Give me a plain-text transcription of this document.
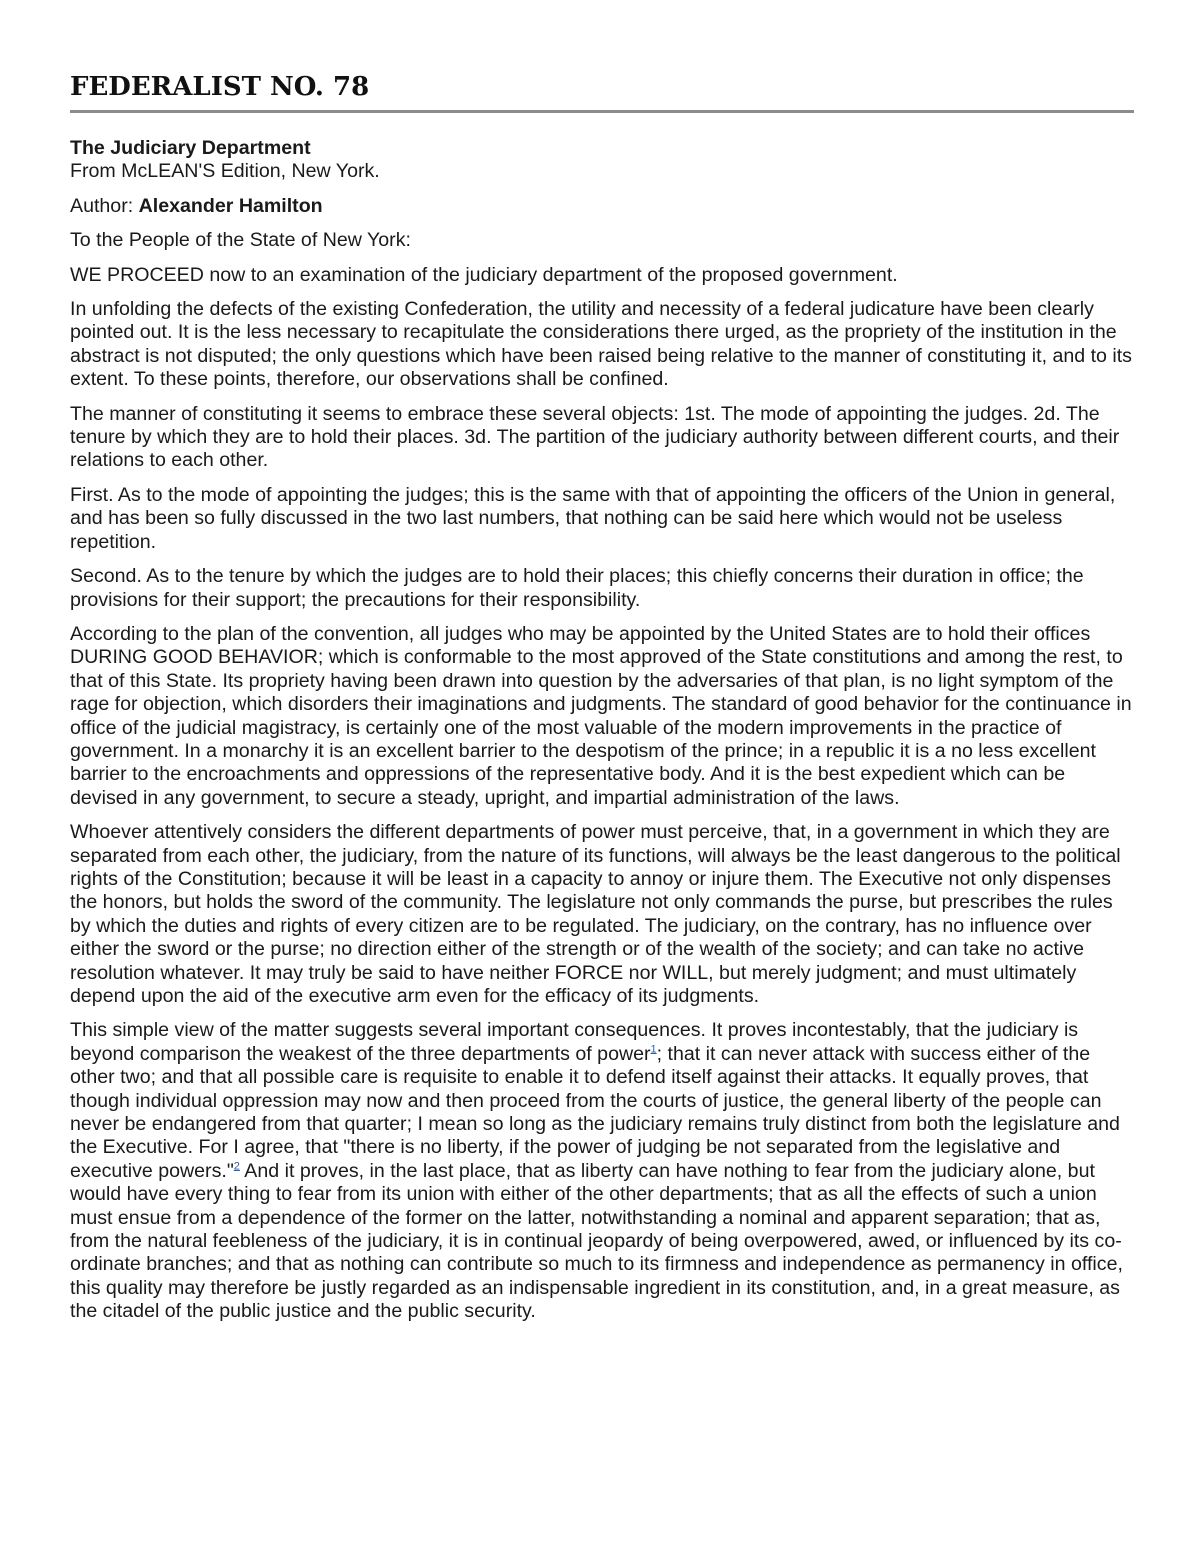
FEDERALIST NO. 78

The Judiciary Department
From McLEAN'S Edition, New York.

Author: Alexander Hamilton

To the People of the State of New York:

WE PROCEED now to an examination of the judiciary department of the proposed government.

In unfolding the defects of the existing Confederation, the utility and necessity of a federal judicature have been clearly pointed out. It is the less necessary to recapitulate the considerations there urged, as the propriety of the institution in the abstract is not disputed; the only questions which have been raised being relative to the manner of constituting it, and to its extent. To these points, therefore, our observations shall be confined.

The manner of constituting it seems to embrace these several objects: 1st. The mode of appointing the judges. 2d. The tenure by which they are to hold their places. 3d. The partition of the judiciary authority between different courts, and their relations to each other.

First. As to the mode of appointing the judges; this is the same with that of appointing the officers of the Union in general, and has been so fully discussed in the two last numbers, that nothing can be said here which would not be useless repetition.

Second. As to the tenure by which the judges are to hold their places; this chiefly concerns their duration in office; the provisions for their support; the precautions for their responsibility.

According to the plan of the convention, all judges who may be appointed by the United States are to hold their offices DURING GOOD BEHAVIOR; which is conformable to the most approved of the State constitutions and among the rest, to that of this State. Its propriety having been drawn into question by the adversaries of that plan, is no light symptom of the rage for objection, which disorders their imaginations and judgments. The standard of good behavior for the continuance in office of the judicial magistracy, is certainly one of the most valuable of the modern improvements in the practice of government. In a monarchy it is an excellent barrier to the despotism of the prince; in a republic it is a no less excellent barrier to the encroachments and oppressions of the representative body. And it is the best expedient which can be devised in any government, to secure a steady, upright, and impartial administration of the laws.

Whoever attentively considers the different departments of power must perceive, that, in a government in which they are separated from each other, the judiciary, from the nature of its functions, will always be the least dangerous to the political rights of the Constitution; because it will be least in a capacity to annoy or injure them. The Executive not only dispenses the honors, but holds the sword of the community. The legislature not only commands the purse, but prescribes the rules by which the duties and rights of every citizen are to be regulated. The judiciary, on the contrary, has no influence over either the sword or the purse; no direction either of the strength or of the wealth of the society; and can take no active resolution whatever. It may truly be said to have neither FORCE nor WILL, but merely judgment; and must ultimately depend upon the aid of the executive arm even for the efficacy of its judgments.

This simple view of the matter suggests several important consequences. It proves incontestably, that the judiciary is beyond comparison the weakest of the three departments of power$^1$; that it can never attack with success either of the other two; and that all possible care is requisite to enable it to defend itself against their attacks. It equally proves, that though individual oppression may now and then proceed from the courts of justice, the general liberty of the people can never be endangered from that quarter; I mean so long as the judiciary remains truly distinct from both the legislature and the Executive. For I agree, that "there is no liberty, if the power of judging be not separated from the legislative and executive powers."$^2$ And it proves, in the last place, that as liberty can have nothing to fear from the judiciary alone, but would have every thing to fear from its union with either of the other departments; that as all the effects of such a union must ensue from a dependence of the former on the latter, notwithstanding a nominal and apparent separation; that as, from the natural feebleness of the judiciary, it is in continual jeopardy of being overpowered, awed, or influenced by its co-ordinate branches; and that as nothing can contribute so much to its firmness and independence as permanency in office, this quality may therefore be justly regarded as an indispensable ingredient in its constitution, and, in a great measure, as the citadel of the public justice and the public security.
